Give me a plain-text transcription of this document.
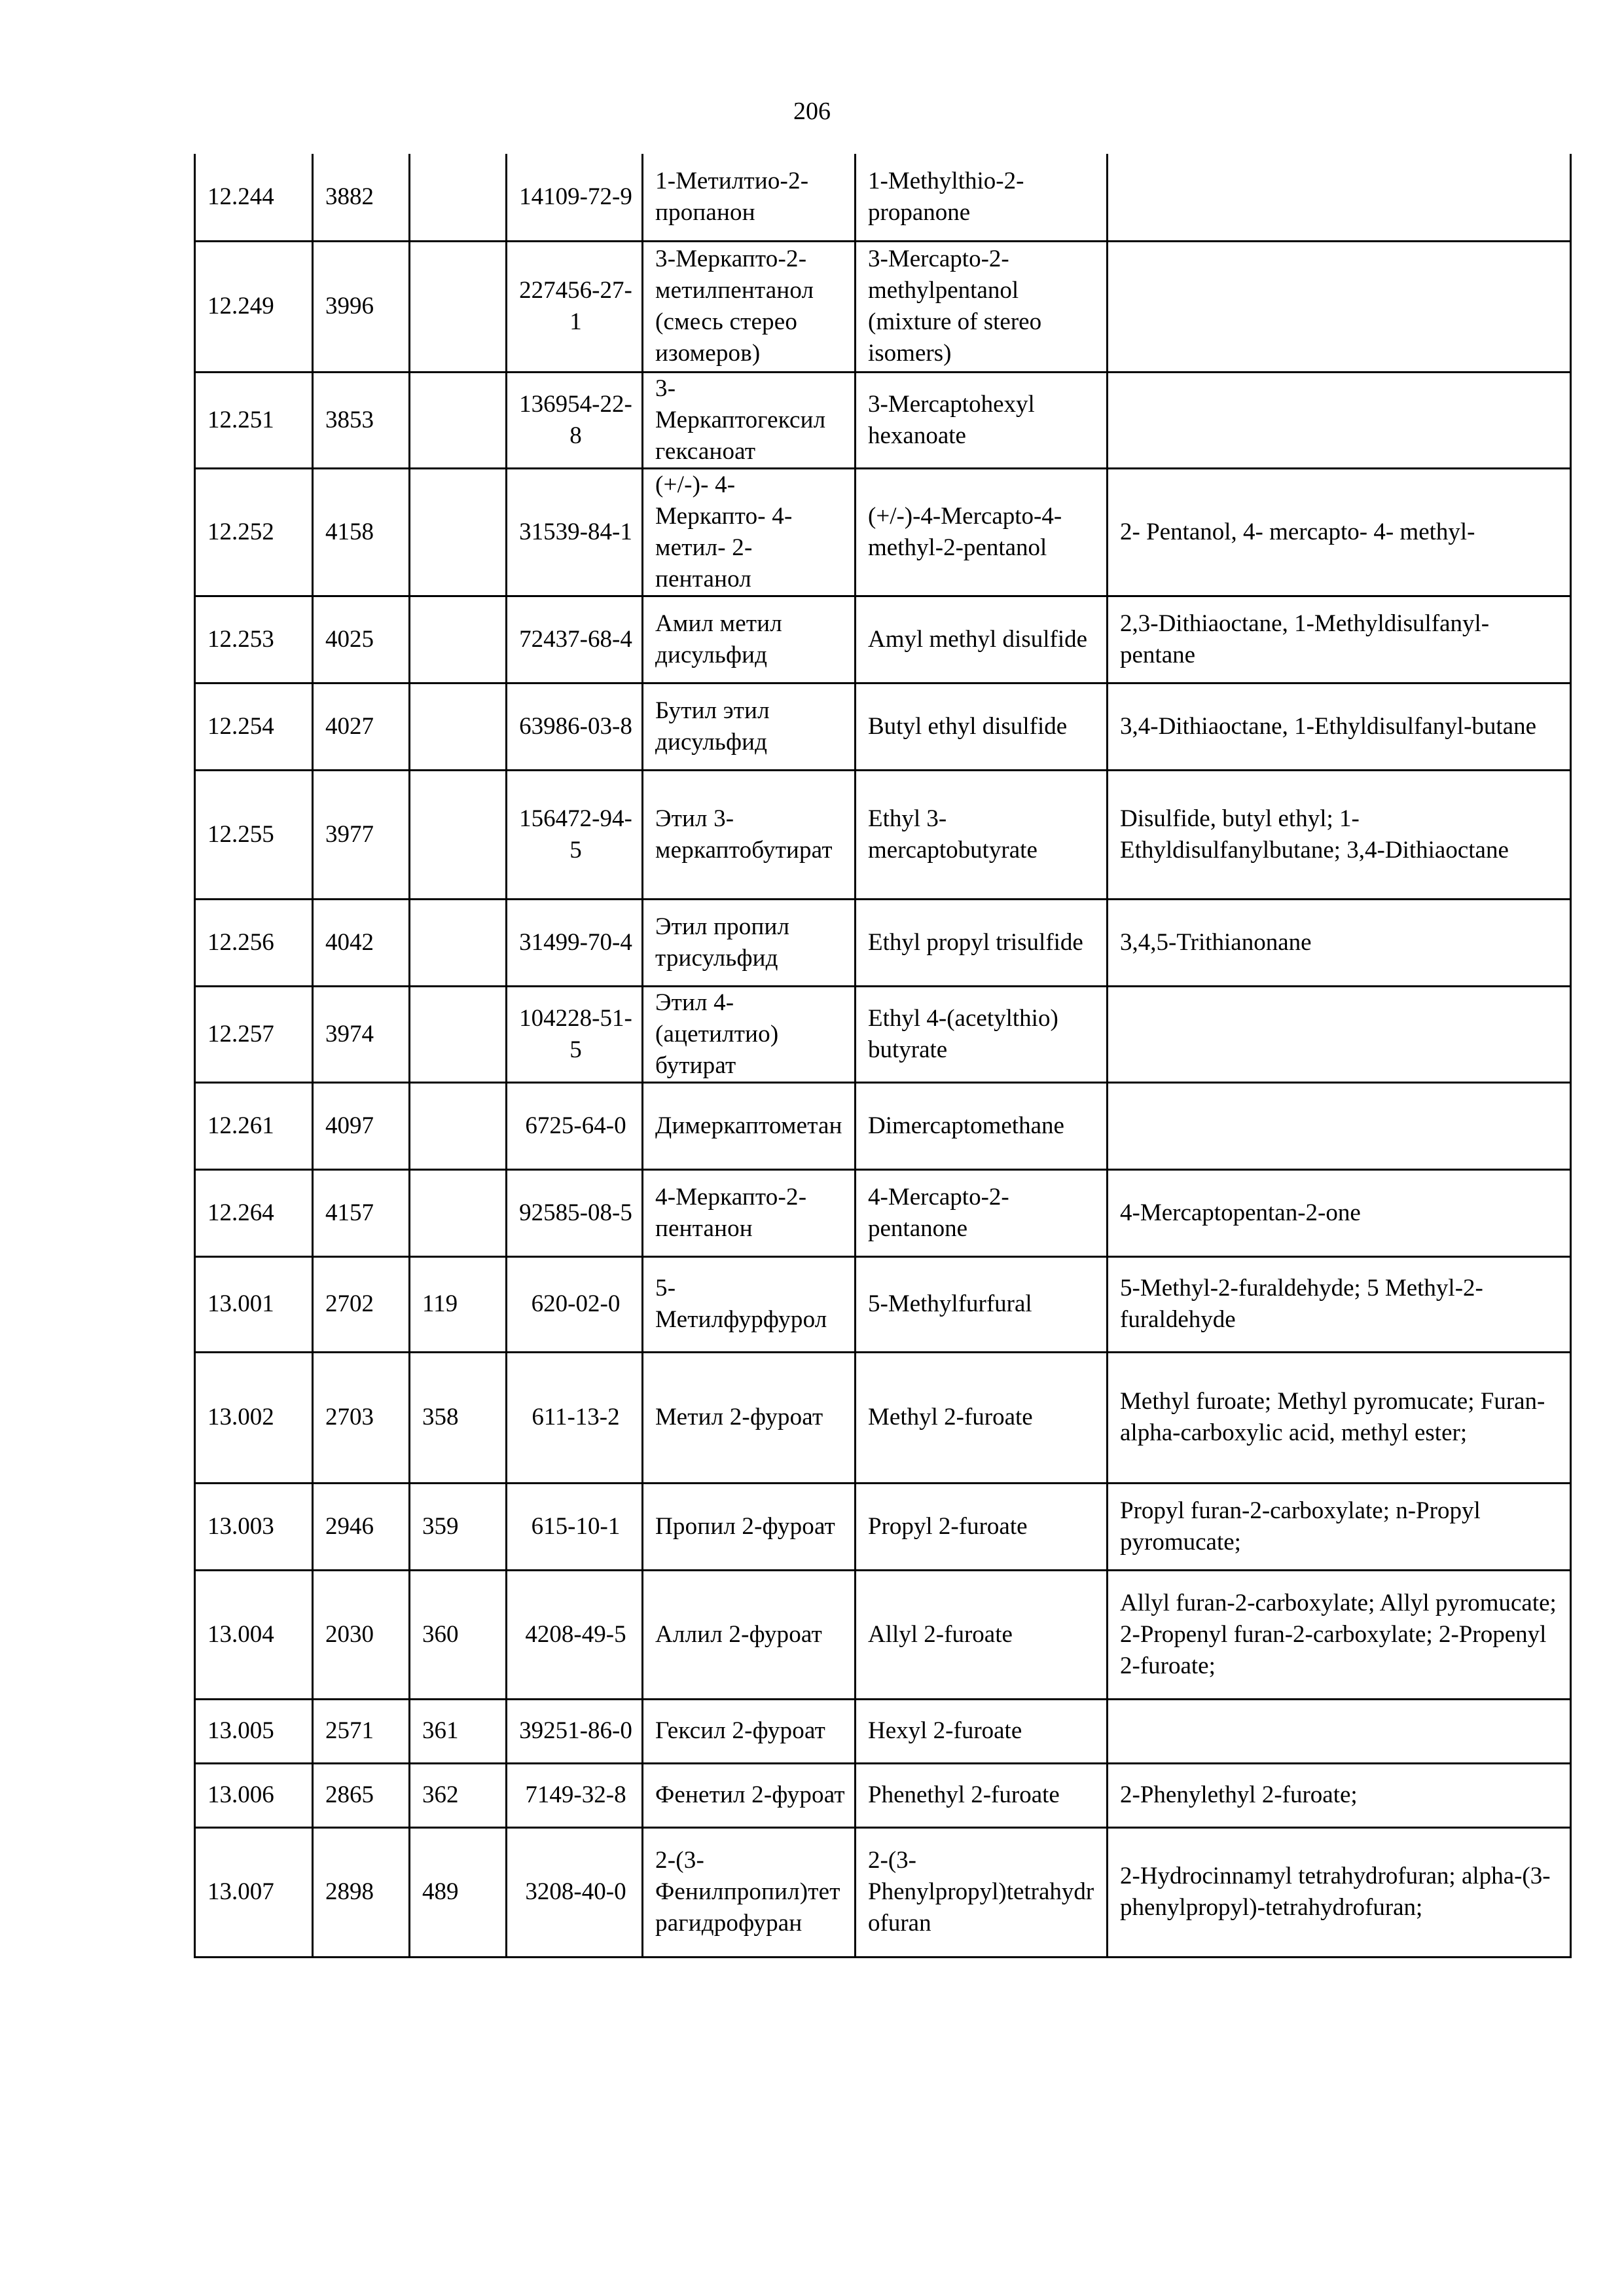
206
12.244	3882		14109-72-9	1-Метилтио-2-пропанон	1-Methylthio-2-propanone	
12.249	3996		227456-27-1	3-Меркапто-2-метилпентанол (смесь стерео изомеров)	3-Mercapto-2-methylpentanol (mixture of stereo isomers)	
12.251	3853		136954-22-8	3-Меркаптогексил гексаноат	3-Mercaptohexyl hexanoate	
12.252	4158		31539-84-1	(+/-)- 4-Меркапто- 4-метил- 2-пентанол	(+/-)-4-Mercapto-4-methyl-2-pentanol	2- Pentanol, 4- mercapto- 4- methyl-
12.253	4025		72437-68-4	Амил метил дисульфид	Amyl methyl disulfide	2,3-Dithiaoctane, 1-Methyldisulfanyl-pentane
12.254	4027		63986-03-8	Бутил этил дисульфид	Butyl ethyl disulfide	3,4-Dithiaoctane, 1-Ethyldisulfanyl-butane
12.255	3977		156472-94-5	Этил 3-меркаптобутират	Ethyl 3-mercaptobutyrate	Disulfide, butyl ethyl; 1-Ethyldisulfanylbutane; 3,4-Dithiaoctane
12.256	4042		31499-70-4	Этил пропил трисульфид	Ethyl propyl trisulfide	3,4,5-Trithianonane
12.257	3974		104228-51-5	Этил 4-(ацетилтио) бутират	Ethyl 4-(acetylthio) butyrate	
12.261	4097		6725-64-0	Димеркаптометан	Dimercaptomethane	
12.264	4157		92585-08-5	4-Меркапто-2-пентанон	4-Mercapto-2-pentanone	4-Mercaptopentan-2-one
13.001	2702	119	620-02-0	5-Метилфурфурол	5-Methylfurfural	5-Methyl-2-furaldehyde; 5 Methyl-2-furaldehyde
13.002	2703	358	611-13-2	Метил 2-фуроат	Methyl 2-furoate	Methyl furoate; Methyl pyromucate; Furan-alpha-carboxylic acid, methyl ester;
13.003	2946	359	615-10-1	Пропил 2-фуроат	Propyl 2-furoate	Propyl furan-2-carboxylate; n-Propyl pyromucate;
13.004	2030	360	4208-49-5	Аллил 2-фуроат	Allyl 2-furoate	Allyl furan-2-carboxylate; Allyl pyromucate; 2-Propenyl furan-2-carboxylate; 2-Propenyl 2-furoate;
13.005	2571	361	39251-86-0	Гексил 2-фуроат	Hexyl 2-furoate	
13.006	2865	362	7149-32-8	Фенетил 2-фуроат	Phenethyl 2-furoate	2-Phenylethyl 2-furoate;
13.007	2898	489	3208-40-0	2-(3-Фенилпропил)тетрагидрофуран	2-(3-Phenylpropyl)tetrahydrofuran	2-Hydrocinnamyl tetrahydrofuran; alpha-(3-phenylpropyl)-tetrahydrofuran;
